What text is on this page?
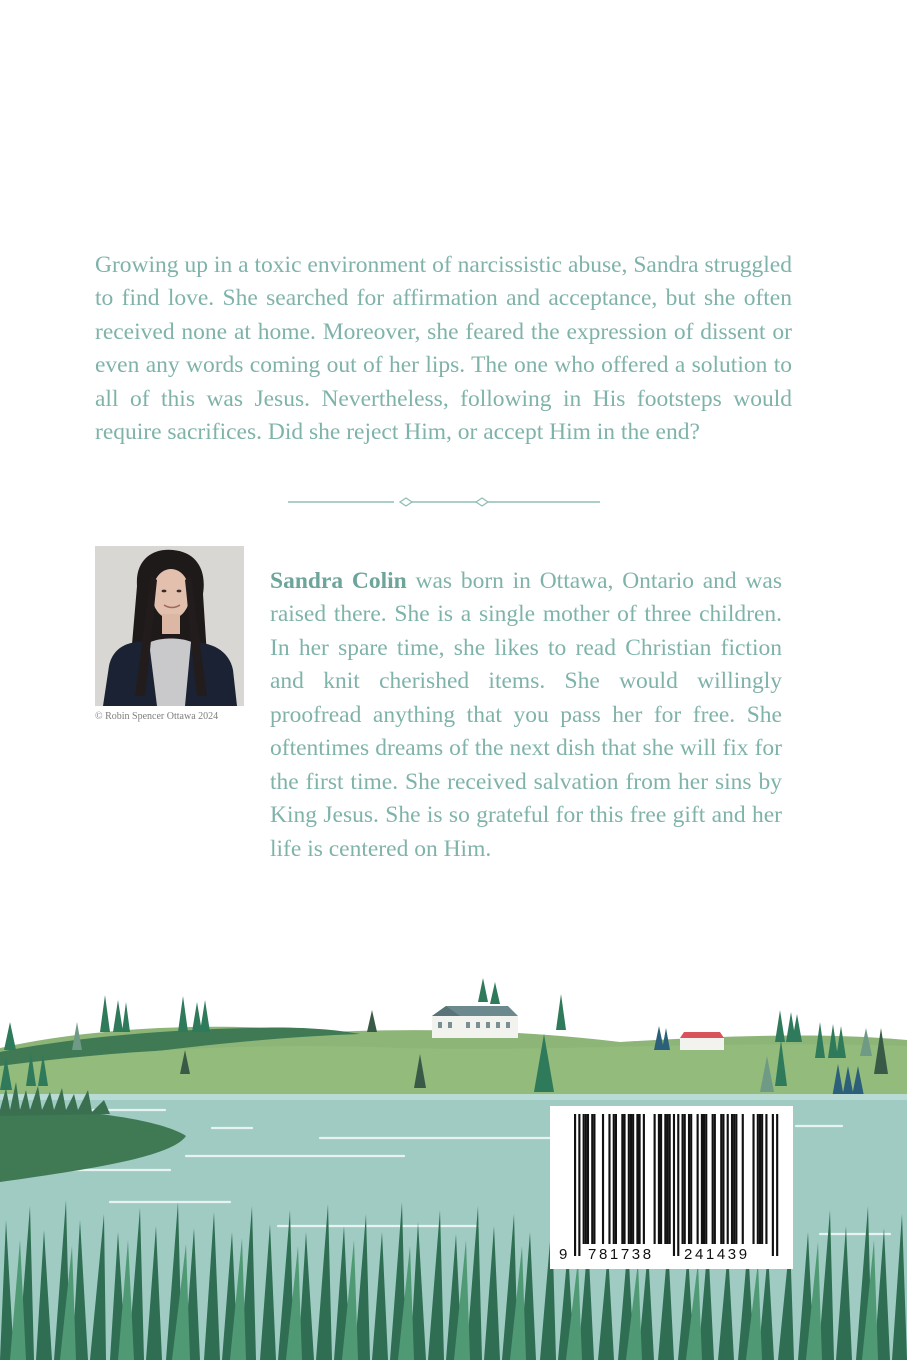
Growing up in a toxic environment of narcissistic abuse, Sandra struggled to find love. She searched for affirmation and acceptance, but she often received none at home. Moreover, she feared the expression of dissent or even any words coming out of her lips. The one who offered a solution to all of this was Jesus. Nevertheless, following in His footsteps would require sacrifices. Did she reject Him, or accept Him in the end?

© Robin Spencer Ottawa 2024

Sandra Colin was born in Ottawa, Ontario and was raised there. She is a single mother of three children. In her spare time, she likes to read Christian fiction and knit cherished items. She would willingly proofread anything that you pass her for free. She oftentimes dreams of the next dish that she will fix for the first time. She received salvation from her sins by King Jesus. She is so grateful for this free gift and her life is centered on Him.

9 781738 241439
